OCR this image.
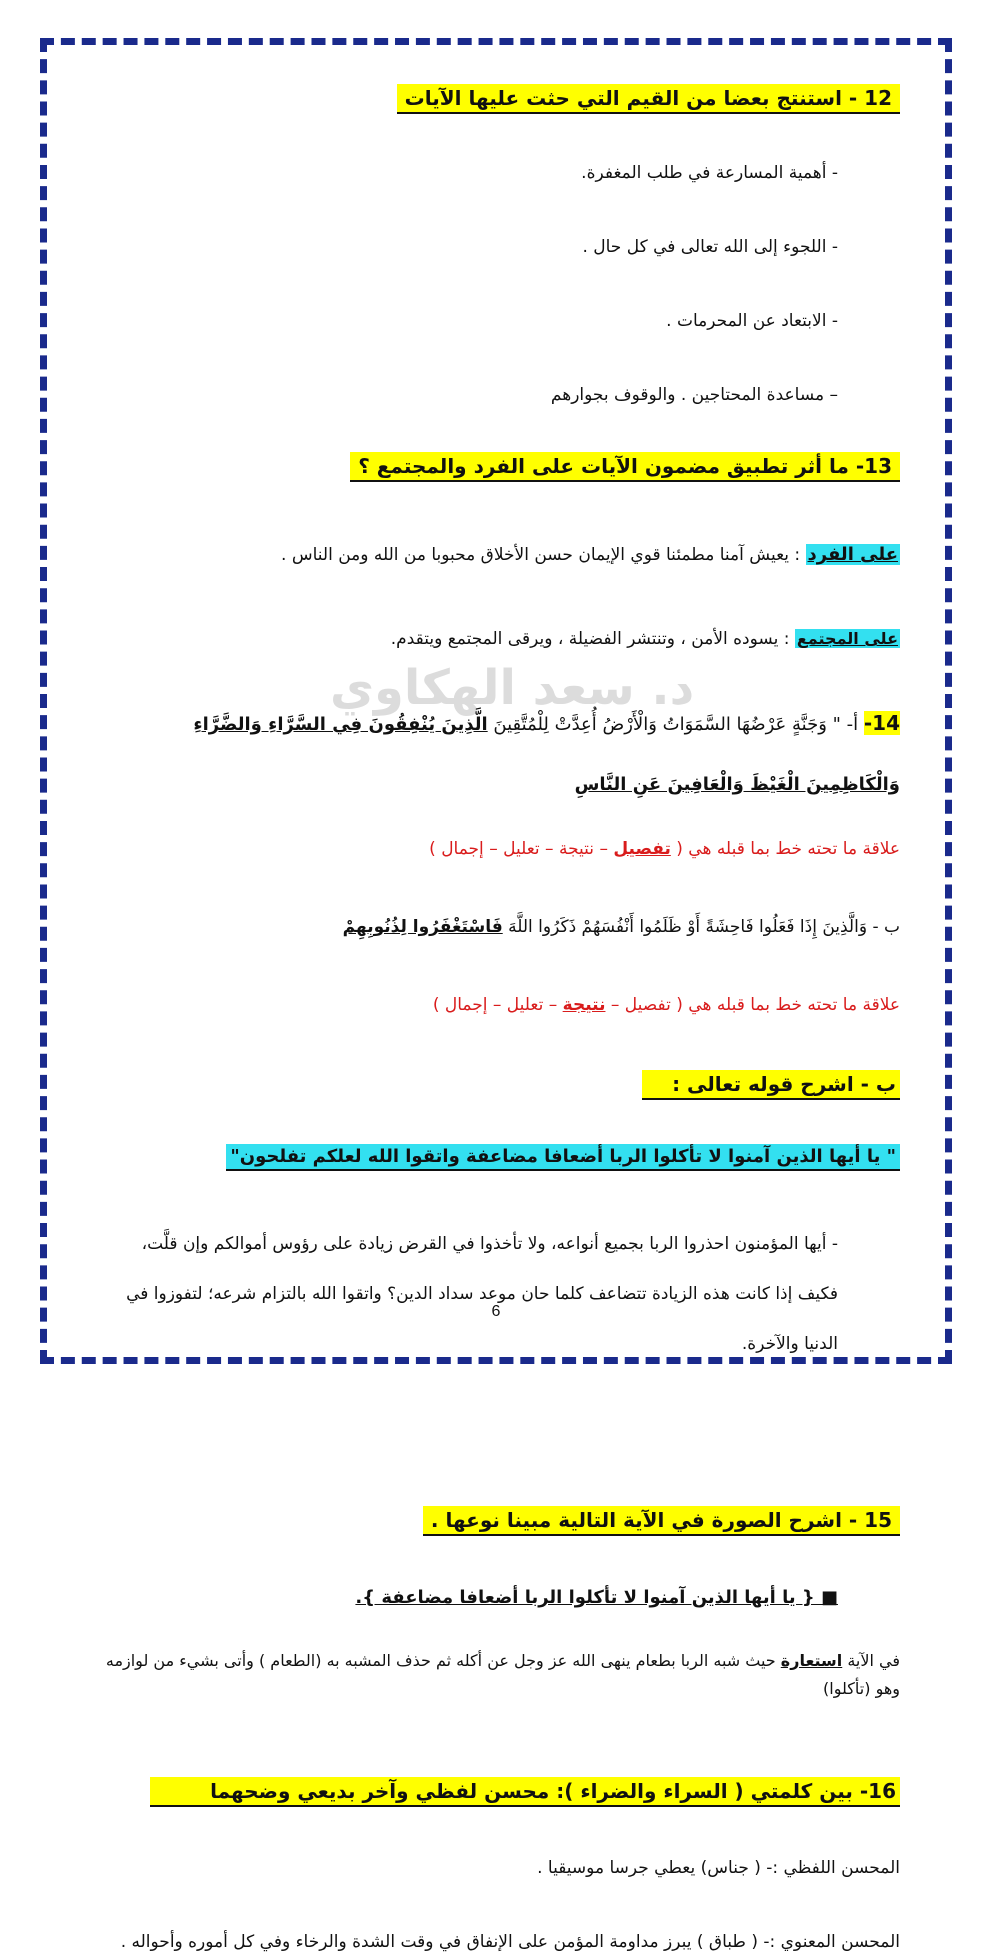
د. سعد الهكاوي
12 - استنتج بعضا من القيم التي حثت عليها الآيات
- أهمية المسارعة في طلب المغفرة.
- اللجوء إلى الله تعالى في كل حال .
- الابتعاد عن المحرمات .
– مساعدة المحتاجين . والوقوف بجوارهم
13- ما أثر تطبيق مضمون الآيات على الفرد والمجتمع ؟
على الفرد : يعيش آمنا مطمئنا قوي الإيمان حسن الأخلاق محبوبا من الله ومن الناس .
على المجتمع : يسوده الأمن ، وتنتشر الفضيلة ، ويرقى المجتمع ويتقدم.
14- أ- " وَجَنَّةٍ عَرْضُهَا السَّمَوَاتُ وَالْأَرْضُ أُعِدَّتْ لِلْمُتَّقِينَ الَّذِينَ يُنْفِقُونَ فِي السَّرَّاءِ وَالضَّرَّاءِ
وَالْكَاظِمِينَ الْغَيْظَ وَالْعَافِينَ عَنِ النَّاسِ
علاقة ما تحته خط بما قبله هي ( تفصيل – نتيجة – تعليل – إجمال )
ب - وَالَّذِينَ إِذَا فَعَلُوا فَاحِشَةً أَوْ ظَلَمُوا أَنْفُسَهُمْ ذَكَرُوا اللَّهَ فَاسْتَغْفَرُوا لِذُنُوبِهِمْ
علاقة ما تحته خط بما قبله هي ( تفصيل – نتيجة – تعليل – إجمال )
ب - اشرح قوله تعالى :
" يا أيها الذين آمنوا لا تأكلوا الربا أضعافا مضاعفة واتقوا الله لعلكم تفلحون"
- أيها المؤمنون احذروا الربا بجميع أنواعه، ولا تأخذوا في القرض زيادة على رؤوس أموالكم وإن قلَّت، فكيف إذا كانت هذه الزيادة تتضاعف كلما حان موعد سداد الدين؟ واتقوا الله بالتزام شرعه؛ لتفوزوا في الدنيا والآخرة.
15 - اشرح الصورة في الآية التالية مبينا نوعها .
■ { يا أيها الذين آمنوا لا تأكلوا الربا أضعافا مضاعفة }.
في الآية استعارة حيث شبه الربا بطعام ينهى الله عز وجل عن أكله ثم حذف المشبه به (الطعام ) وأتى بشيء من لوازمه وهو (تأكلوا)
16- بين كلمتي ( السراء والضراء ): محسن لفظي وآخر بديعي وضحهما
المحسن اللفظي :- ( جناس) يعطي جرسا موسيقيا .
المحسن المعنوي :- ( طباق ) يبرز مداومة المؤمن على الإنفاق في وقت الشدة والرخاء وفي كل أموره وأحواله .
6
